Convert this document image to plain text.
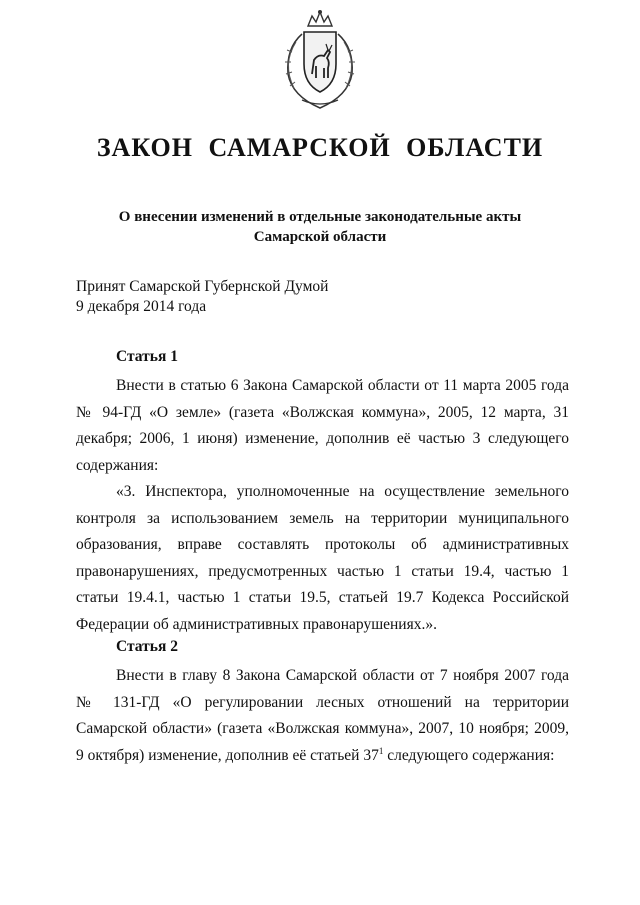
ЗАКОН САМАРСКОЙ ОБЛАСТИ
О внесении изменений в отдельные законодательные акты
Самарской области
Принят Самарской Губернской Думой
9 декабря 2014 года
Статья 1

Внести в статью 6 Закона Самарской области от 11 марта 2005 года № 94-ГД «О земле» (газета «Волжская коммуна», 2005, 12 марта, 31 декабря; 2006, 1 июня) изменение, дополнив её частью 3 следующего содержания:

«3. Инспектора, уполномоченные на осуществление земельного контроля за использованием земель на территории муниципального образования, вправе составлять протоколы об административных правонарушениях, предусмотренных частью 1 статьи 19.4, частью 1 статьи 19.4.1, частью 1 статьи 19.5, статьей 19.7 Кодекса Российской Федерации об административных правонарушениях.».

Статья 2

Внести в главу 8 Закона Самарской области от 7 ноября 2007 года № 131-ГД «О регулировании лесных отношений на территории Самарской области» (газета «Волжская коммуна», 2007, 10 ноября; 2009, 9 октября) изменение, дополнив её статьей $37^1$ следующего содержания:
